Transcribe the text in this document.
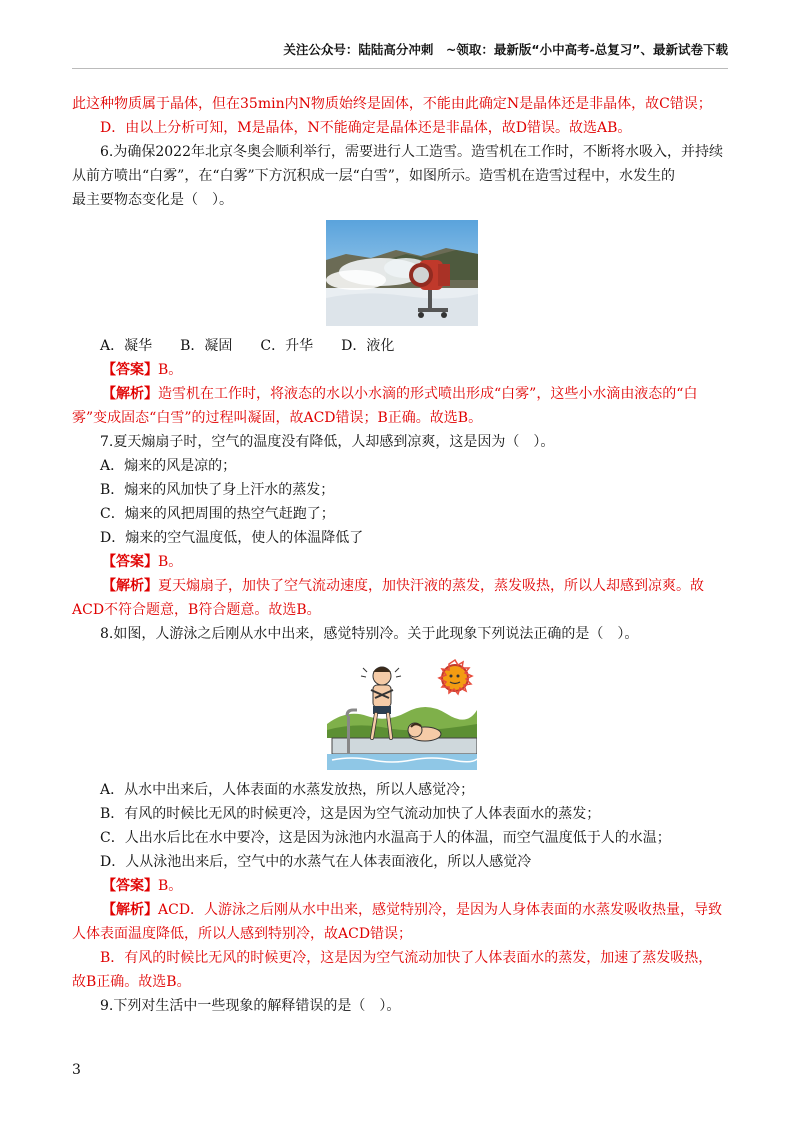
关注公众号：陆陆高分冲刺　~领取：最新版“小中高考-总复习”、最新试卷下载
此这种物质属于晶体，但在35min内N物质始终是固体，不能由此确定N是晶体还是非晶体，故C错误；
D．由以上分析可知，M是晶体，N不能确定是晶体还是非晶体，故D错误。故选AB。
6.为确保2022年北京冬奥会顺利举行，需要进行人工造雪。造雪机在工作时，不断将水吸入，并持续
从前方喷出“白雾”，在“白雾”下方沉积成一层“白雪”，如图所示。造雪机在造雪过程中，水发生的
最主要物态变化是（　）。
A．凝华　　B．凝固　　C．升华　　D．液化
【答案】B。
【解析】造雪机在工作时，将液态的水以小水滴的形式喷出形成“白雾”，这些小水滴由液态的“白
雾”变成固态“白雪”的过程叫凝固，故ACD错误；B正确。故选B。
7.夏天煽扇子时，空气的温度没有降低，人却感到凉爽，这是因为（　）。
A．煽来的风是凉的；
B．煽来的风加快了身上汗水的蒸发；
C．煽来的风把周围的热空气赶跑了；
D．煽来的空气温度低，使人的体温降低了
【答案】B。
【解析】夏天煽扇子，加快了空气流动速度，加快汗液的蒸发，蒸发吸热，所以人却感到凉爽。故
ACD不符合题意，B符合题意。故选B。
8.如图，人游泳之后刚从水中出来，感觉特别冷。关于此现象下列说法正确的是（　）。
A．从水中出来后，人体表面的水蒸发放热，所以人感觉冷；
B．有风的时候比无风的时候更冷，这是因为空气流动加快了人体表面水的蒸发；
C．人出水后比在水中要冷，这是因为泳池内水温高于人的体温，而空气温度低于人的水温；
D．人从泳池出来后，空气中的水蒸气在人体表面液化，所以人感觉冷
【答案】B。
【解析】ACD．人游泳之后刚从水中出来，感觉特别冷，是因为人身体表面的水蒸发吸收热量，导致
人体表面温度降低，所以人感到特别冷，故ACD错误；
B．有风的时候比无风的时候更冷，这是因为空气流动加快了人体表面水的蒸发，加速了蒸发吸热，
故B正确。故选B。
9.下列对生活中一些现象的解释错误的是（　）。
3
